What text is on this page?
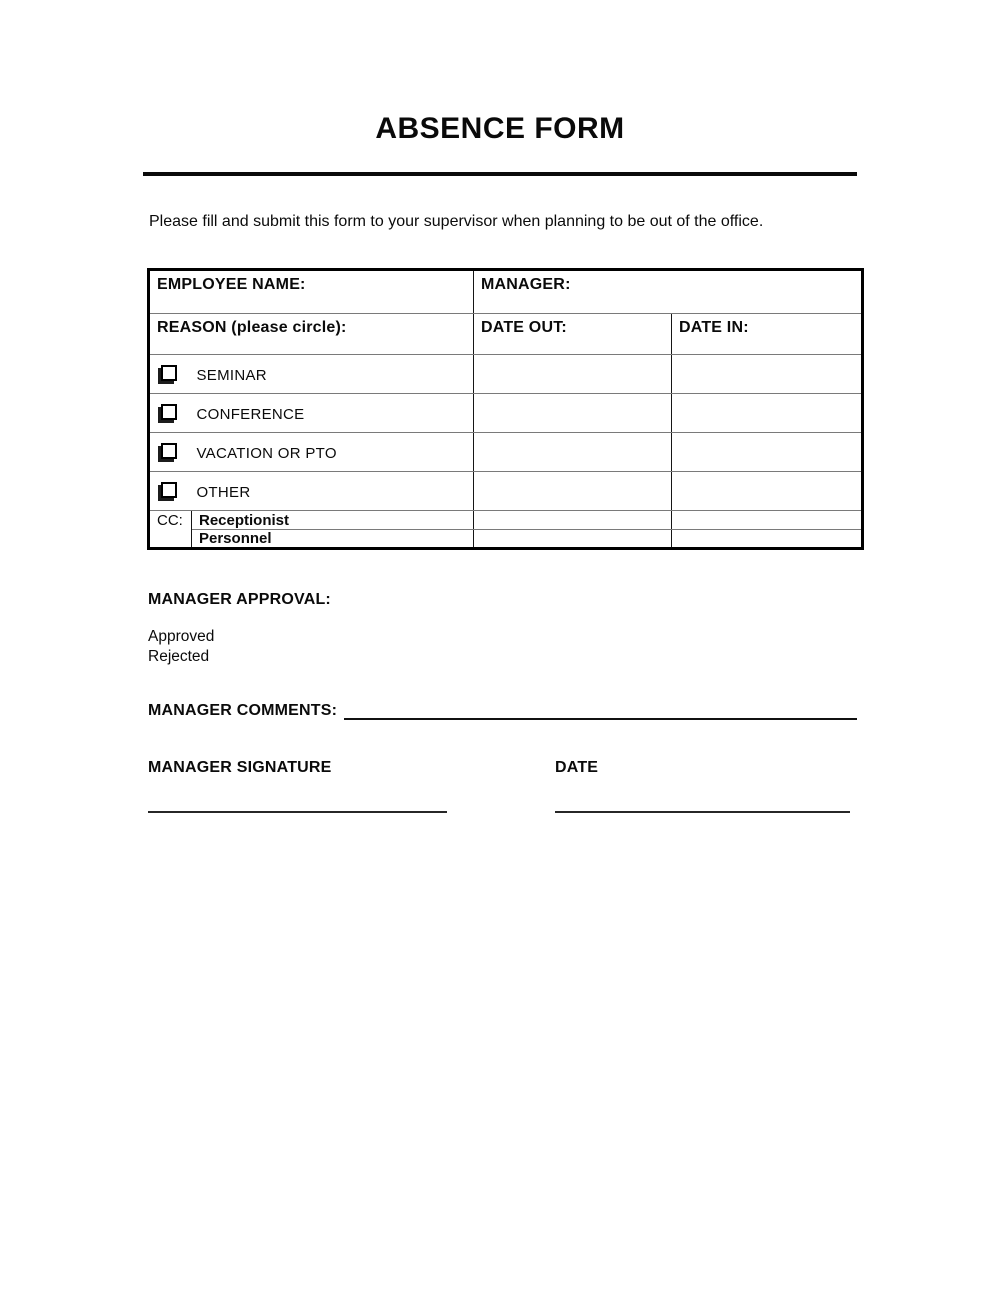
ABSENCE FORM
Please fill and submit this form to your supervisor when planning to be out of the office.
EMPLOYEE NAME:		MANAGER:	
REASON (please circle):		DATE OUT:	DATE IN:
SEMINAR			
CONFERENCE			
VACATION OR PTO			
OTHER			
CC:	Receptionist		
	Personnel		
MANAGER APPROVAL:
Approved
Rejected
MANAGER COMMENTS:
MANAGER SIGNATURE	DATE
